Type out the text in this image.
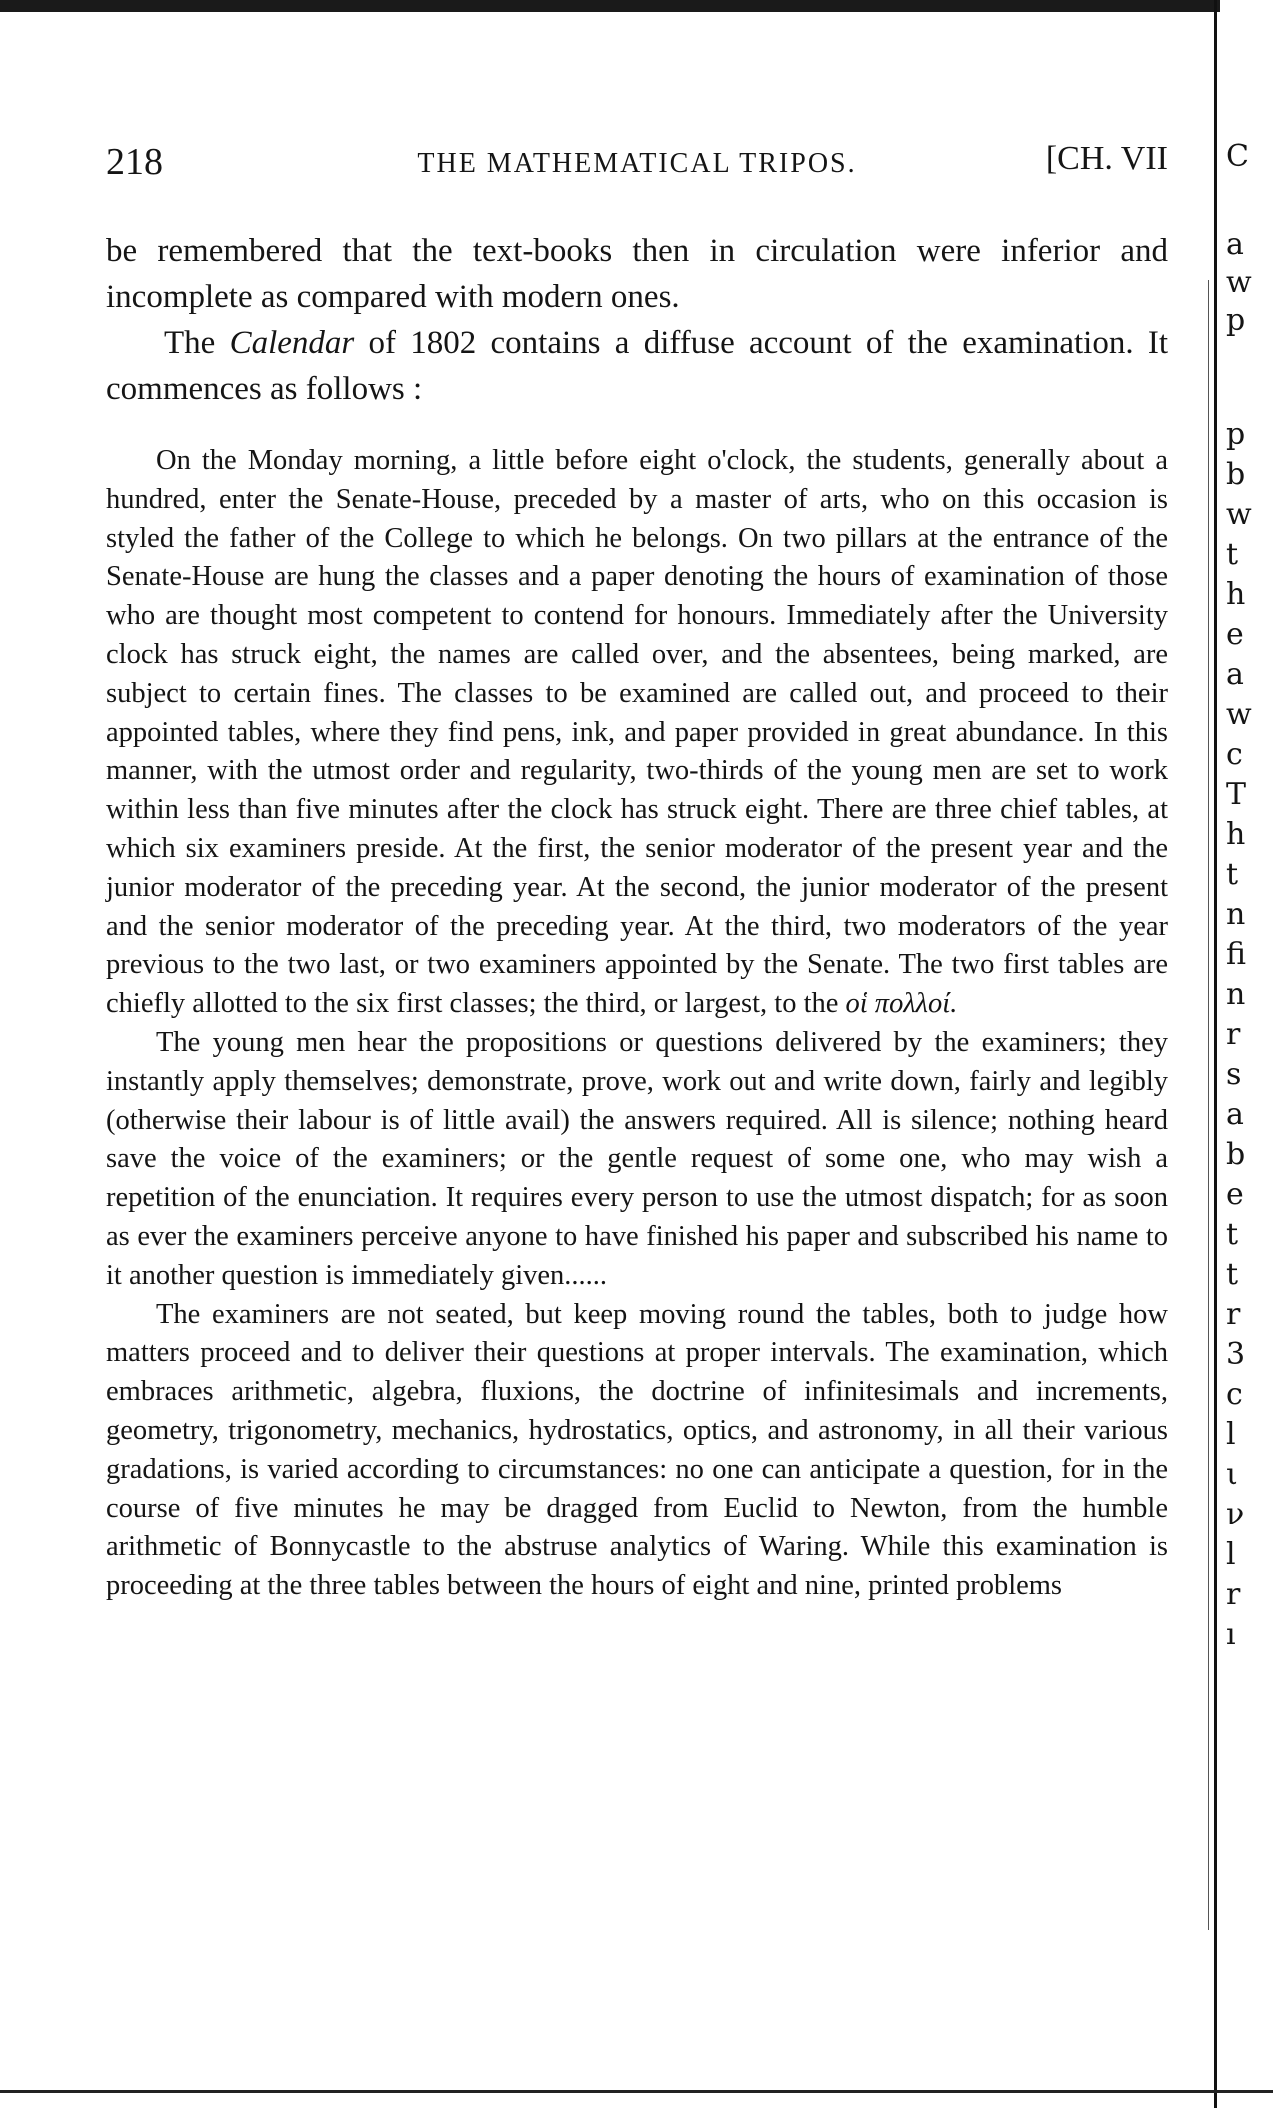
218	THE MATHEMATICAL TRIPOS.	[CH. VII

be remembered that the text-books then in circulation were inferior and incomplete as compared with modern ones.

The Calendar of 1802 contains a diffuse account of the examination. It commences as follows :

On the Monday morning, a little before eight o'clock, the students, generally about a hundred, enter the Senate-House, preceded by a master of arts, who on this occasion is styled the father of the College to which he belongs. On two pillars at the entrance of the Senate-House are hung the classes and a paper denoting the hours of examination of those who are thought most competent to contend for honours. Immediately after the University clock has struck eight, the names are called over, and the absentees, being marked, are subject to certain fines. The classes to be examined are called out, and proceed to their appointed tables, where they find pens, ink, and paper provided in great abundance. In this manner, with the utmost order and regularity, two-thirds of the young men are set to work within less than five minutes after the clock has struck eight. There are three chief tables, at which six examiners preside. At the first, the senior moderator of the present year and the junior moderator of the preceding year. At the second, the junior moderator of the present and the senior moderator of the preceding year. At the third, two moderators of the year previous to the two last, or two examiners appointed by the Senate. The two first tables are chiefly allotted to the six first classes; the third, or largest, to the οἱ πολλοί.

The young men hear the propositions or questions delivered by the examiners; they instantly apply themselves; demonstrate, prove, work out and write down, fairly and legibly (otherwise their labour is of little avail) the answers required. All is silence; nothing heard save the voice of the examiners; or the gentle request of some one, who may wish a repetition of the enunciation. It requires every person to use the utmost dispatch; for as soon as ever the examiners perceive anyone to have finished his paper and subscribed his name to it another question is immediately given......

The examiners are not seated, but keep moving round the tables, both to judge how matters proceed and to deliver their questions at proper intervals. The examination, which embraces arithmetic, algebra, fluxions, the doctrine of infinitesimals and increments, geometry, trigonometry, mechanics, hydrostatics, optics, and astronomy, in all their various gradations, is varied according to circumstances: no one can anticipate a question, for in the course of five minutes he may be dragged from Euclid to Newton, from the humble arithmetic of Bonnycastle to the abstruse analytics of Waring. While this examination is proceeding at the three tables between the hours of eight and nine, printed problems

C
a
w
p
p
b
w
t
h
e
a
w
c
T
h
t
n
fi
n
r
s
a
b
e
t
t
r
3
c
l
ι
ν
l
r
ı
